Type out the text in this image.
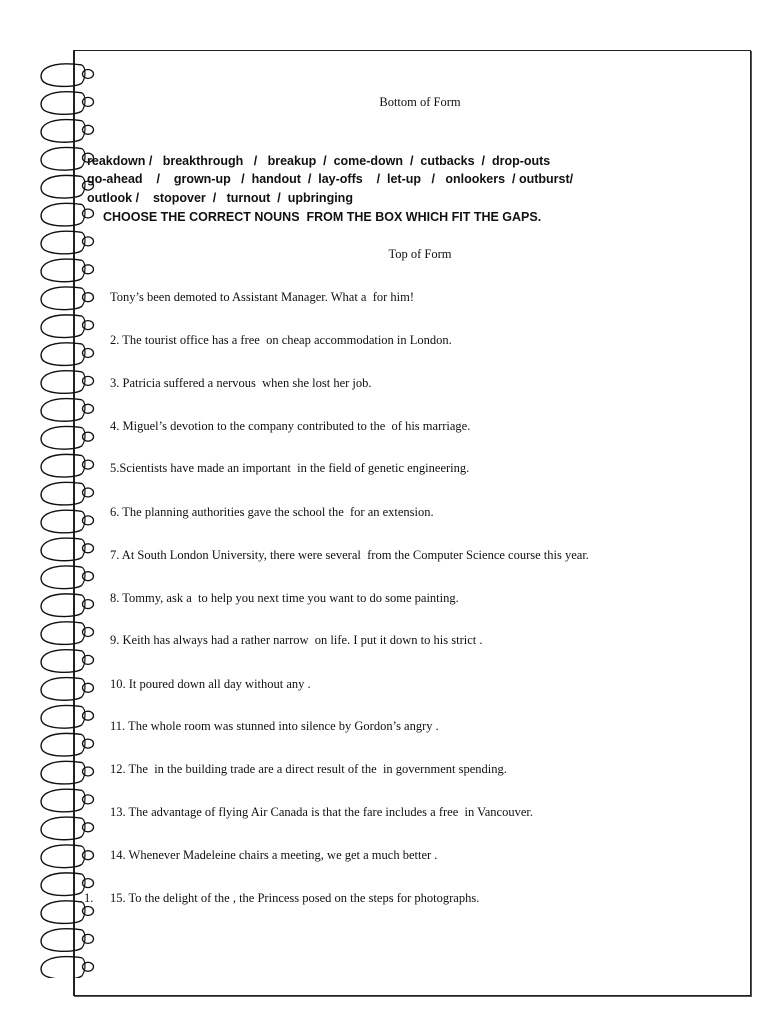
Bottom of Form
reakdown /   breakthrough   /   breakup  /  come-down  /  cutbacks  /  drop-outs
go-ahead    /    grown-up   /  handout  /  lay-offs    /  let-up   /   onlookers  / outburst/
outlook /    stopover  /   turnout  /  upbringing
CHOOSE THE CORRECT NOUNS  FROM THE BOX WHICH FIT THE GAPS.
Top of Form
Tony’s been demoted to Assistant Manager. What a  for him!
2. The tourist office has a free  on cheap accommodation in London.
3. Patricia suffered a nervous  when she lost her job.
4. Miguel’s devotion to the company contributed to the  of his marriage.
5.Scientists have made an important  in the field of genetic engineering.
6. The planning authorities gave the school the  for an extension.
7. At South London University, there were several  from the Computer Science course this year.
8. Tommy, ask a  to help you next time you want to do some painting.
9. Keith has always had a rather narrow  on life. I put it down to his strict .
10. It poured down all day without any .
11. The whole room was stunned into silence by Gordon’s angry .
12. The  in the building trade are a direct result of the  in government spending.
13. The advantage of flying Air Canada is that the fare includes a free  in Vancouver.
14. Whenever Madeleine chairs a meeting, we get a much better .
1. 15. To the delight of the , the Princess posed on the steps for photographs.
